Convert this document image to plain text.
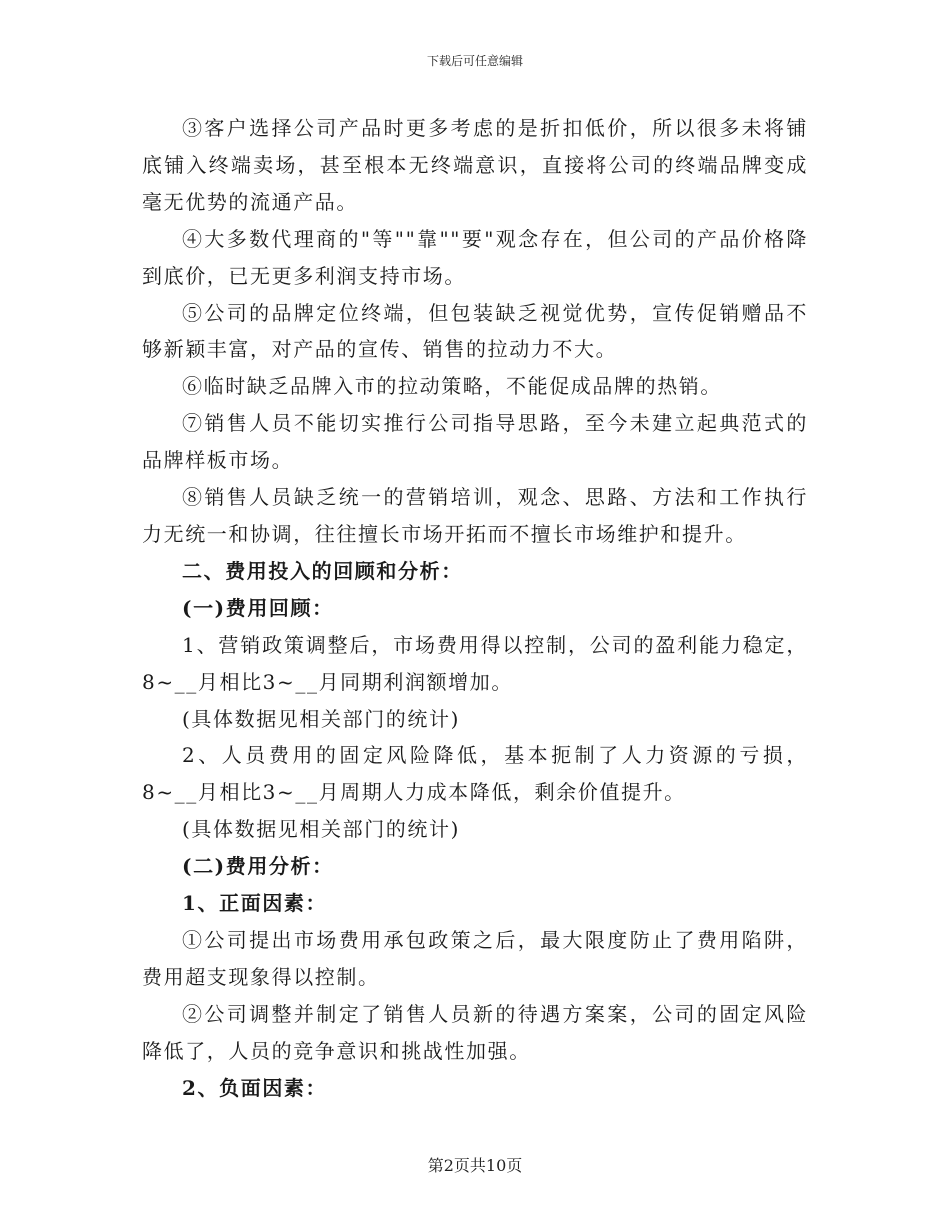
下载后可任意编辑

③客户选择公司产品时更多考虑的是折扣低价，所以很多未将铺底铺入终端卖场，甚至根本无终端意识，直接将公司的终端品牌变成毫无优势的流通产品。

④大多数代理商的"等""靠""要"观念存在，但公司的产品价格降到底价，已无更多利润支持市场。

⑤公司的品牌定位终端，但包装缺乏视觉优势，宣传促销赠品不够新颖丰富，对产品的宣传、销售的拉动力不大。

⑥临时缺乏品牌入市的拉动策略，不能促成品牌的热销。

⑦销售人员不能切实推行公司指导思路，至今未建立起典范式的品牌样板市场。

⑧销售人员缺乏统一的营销培训，观念、思路、方法和工作执行力无统一和协调，往往擅长市场开拓而不擅长市场维护和提升。

二、费用投入的回顾和分析：

(一)费用回顾：

1、营销政策调整后，市场费用得以控制，公司的盈利能力稳定，8~__月相比3~__月同期利润额增加。

(具体数据见相关部门的统计)

2、人员费用的固定风险降低，基本扼制了人力资源的亏损，8~__月相比3~__月周期人力成本降低，剩余价值提升。

(具体数据见相关部门的统计)

(二)费用分析：

1、正面因素：

①公司提出市场费用承包政策之后，最大限度防止了费用陷阱，费用超支现象得以控制。

②公司调整并制定了销售人员新的待遇方案案，公司的固定风险降低了，人员的竞争意识和挑战性加强。

2、负面因素：

第2页共10页
